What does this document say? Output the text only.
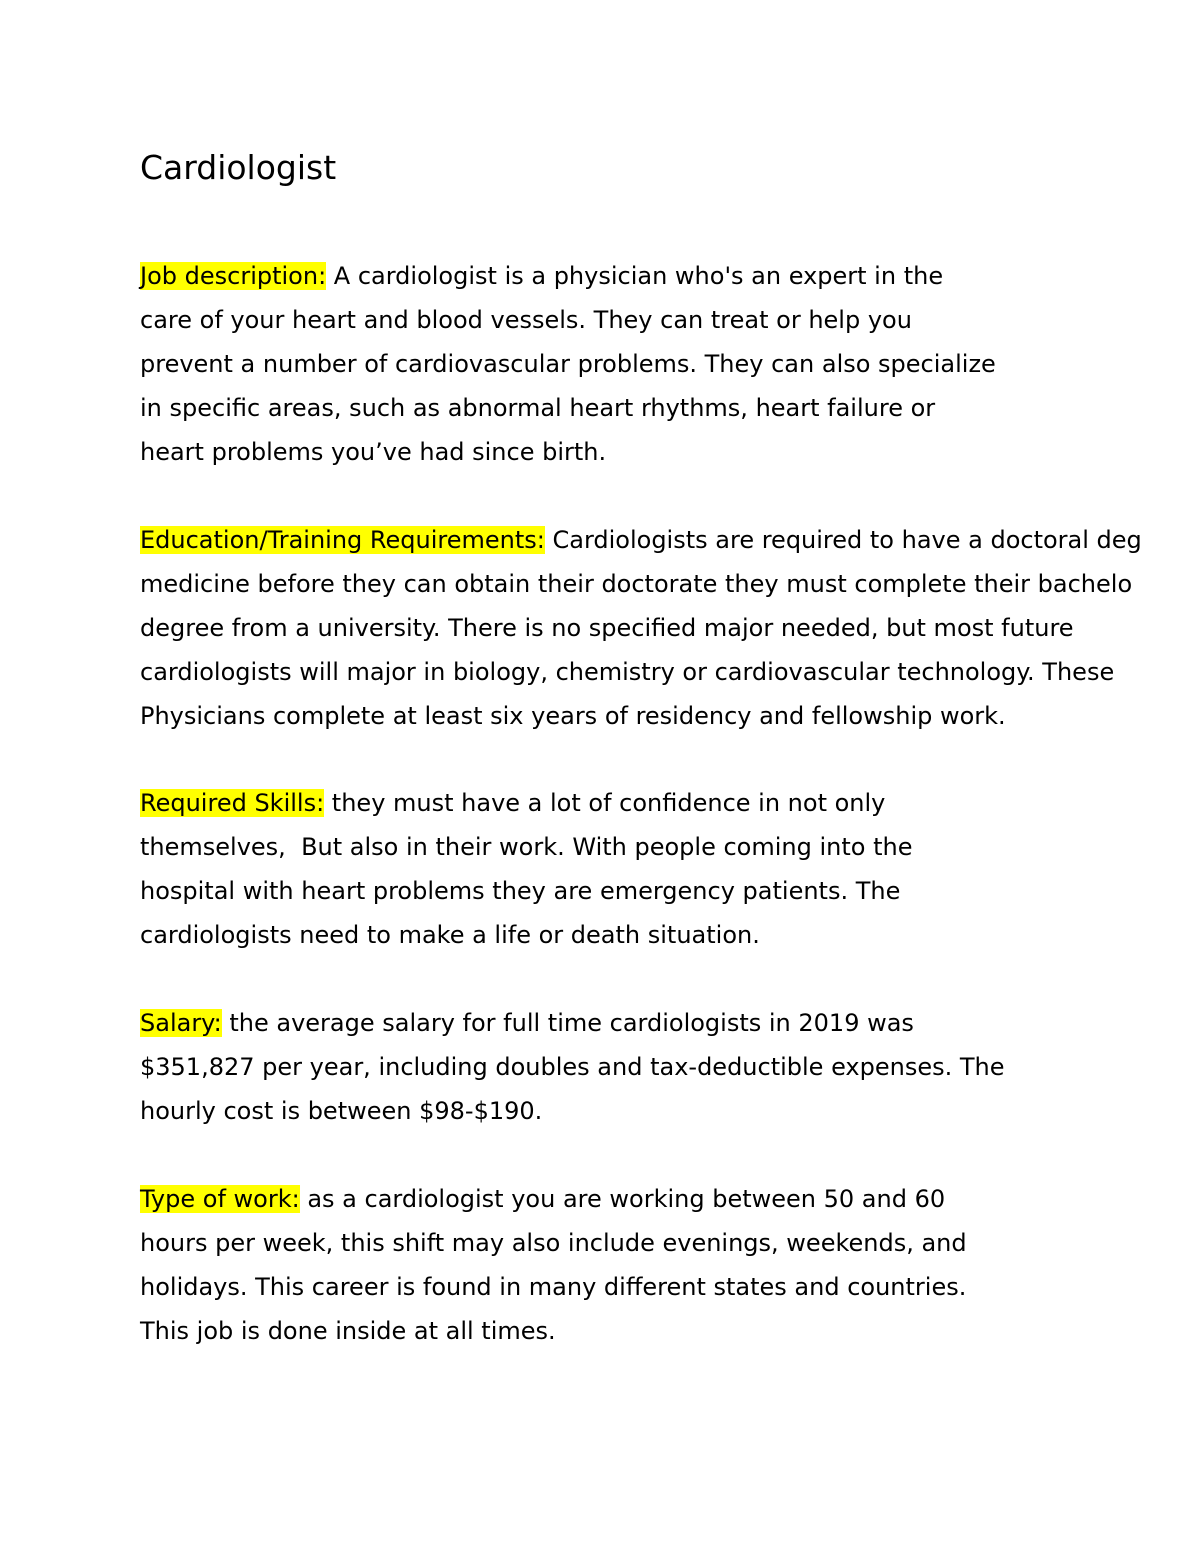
Cardiologist
Job description: A cardiologist is a physician who's an expert in the
care of your heart and blood vessels. They can treat or help you
prevent a number of cardiovascular problems. They can also specialize
in specific areas, such as abnormal heart rhythms, heart failure or
heart problems you’ve had since birth.
Education/Training Requirements: Cardiologists are required to have a doctoral deg
medicine before they can obtain their doctorate they must complete their bachelo
degree from a university. There is no specified major needed, but most future
cardiologists will major in biology, chemistry or cardiovascular technology. These
Physicians complete at least six years of residency and fellowship work.
Required Skills: they must have a lot of confidence in not only
themselves,  But also in their work. With people coming into the
hospital with heart problems they are emergency patients. The
cardiologists need to make a life or death situation.
Salary: the average salary for full time cardiologists in 2019 was
$351,827 per year, including doubles and tax-deductible expenses. The
hourly cost is between $98-$190.
Type of work: as a cardiologist you are working between 50 and 60
hours per week, this shift may also include evenings, weekends, and
holidays. This career is found in many different states and countries.
This job is done inside at all times.
